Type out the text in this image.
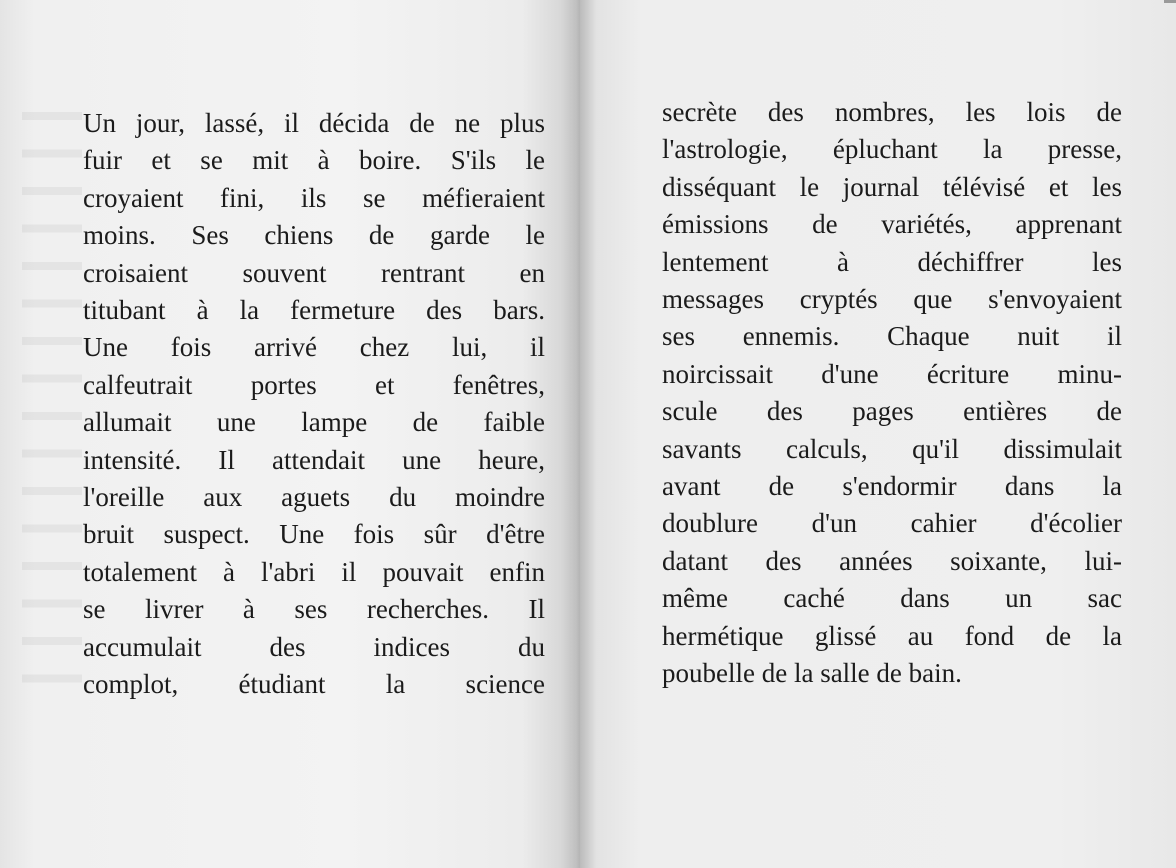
Un jour, lassé, il décida de ne plus
fuir et se mit à boire. S'ils le
croyaient fini, ils se méfieraient
moins. Ses chiens de garde le
croisaient souvent rentrant en
titubant à la fermeture des bars.
Une fois arrivé chez lui, il
calfeutrait portes et fenêtres,
allumait une lampe de faible
intensité. Il attendait une heure,
l'oreille aux aguets du moindre
bruit suspect. Une fois sûr d'être
totalement à l'abri il pouvait enfin
se livrer à ses recherches. Il
accumulait des indices du
complot, étudiant la science
secrète des nombres, les lois de
l'astrologie, épluchant la presse,
disséquant le journal télévisé et les
émissions de variétés, apprenant
lentement à déchiffrer les
messages cryptés que s'envoyaient
ses ennemis. Chaque nuit il
noircissait d'une écriture minu-
scule des pages entières de
savants calculs, qu'il dissimulait
avant de s'endormir dans la
doublure d'un cahier d'écolier
datant des années soixante, lui-
même caché dans un sac
hermétique glissé au fond de la
poubelle de la salle de bain.
